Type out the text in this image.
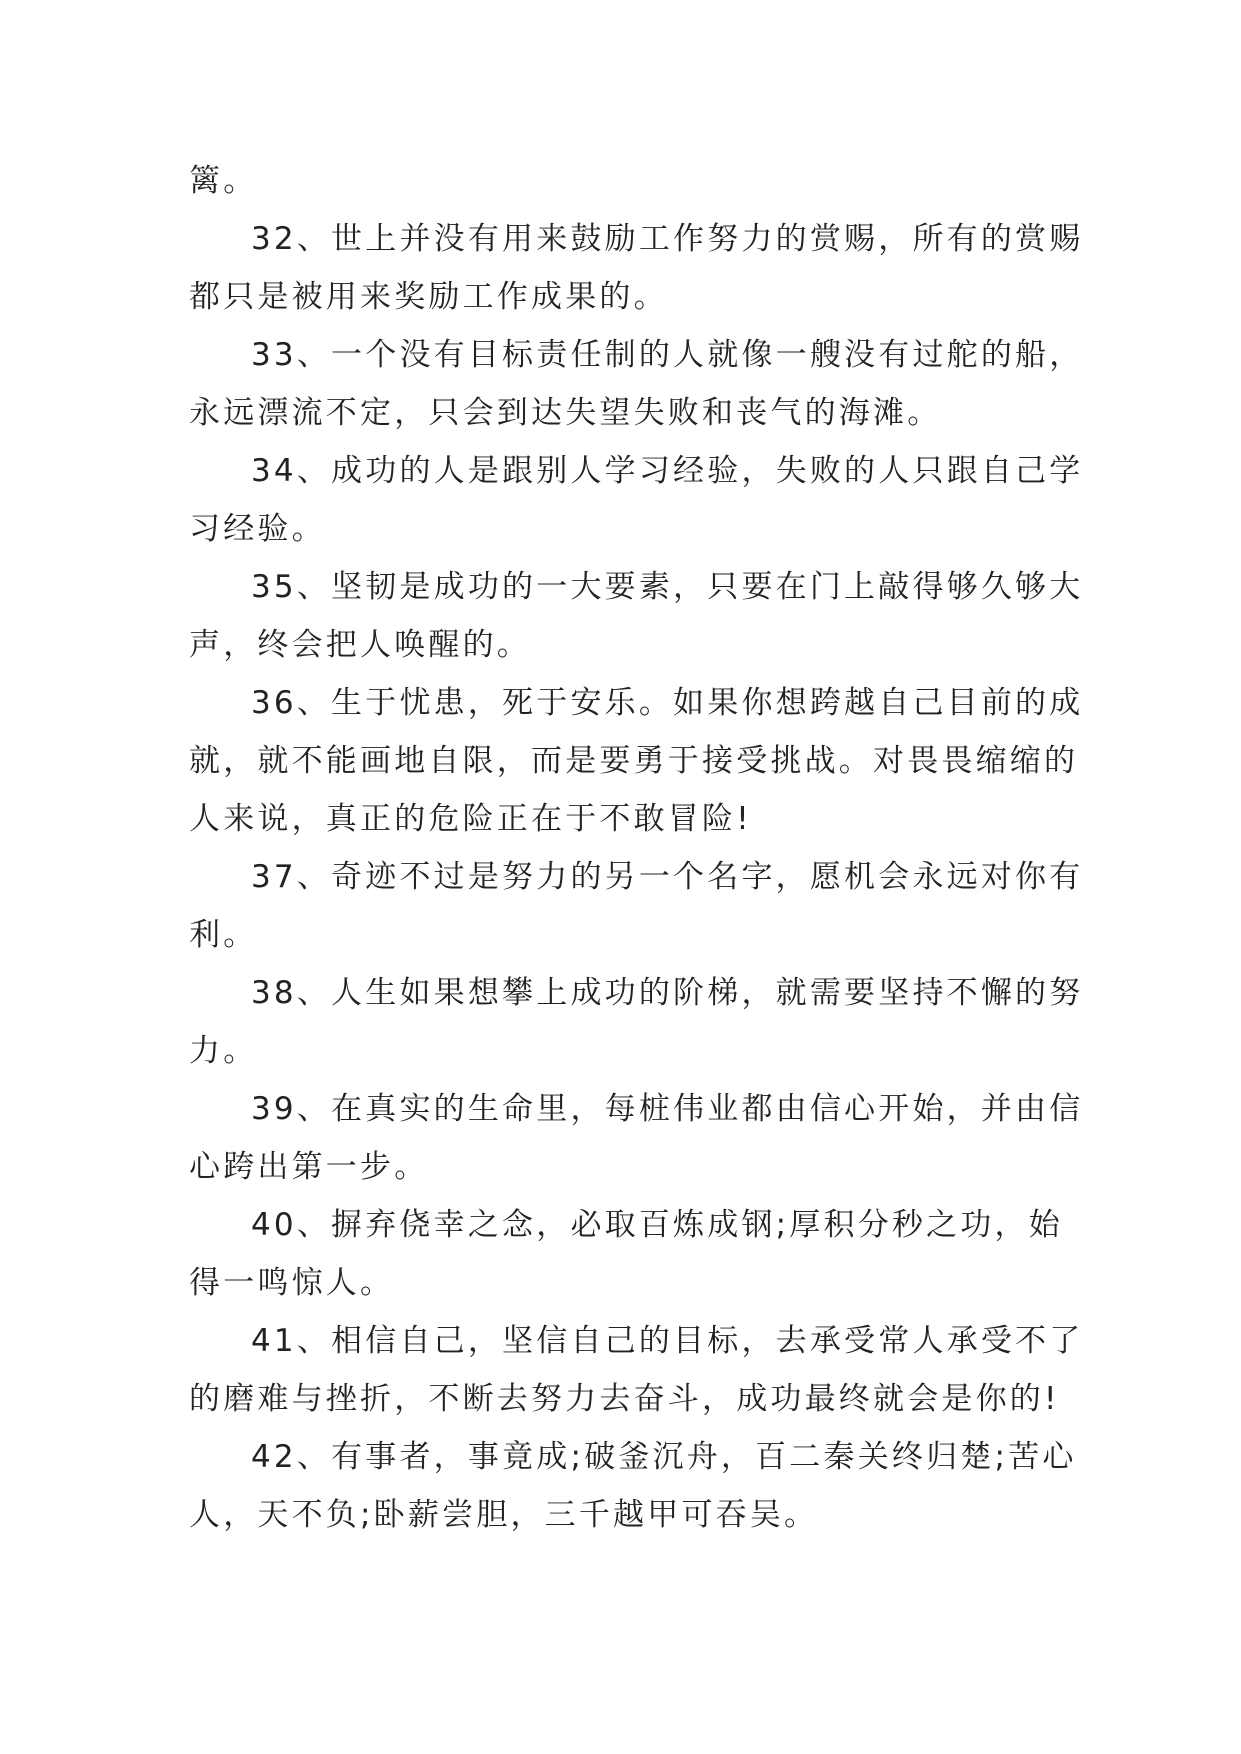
篱。

32、世上并没有用来鼓励工作努力的赏赐，所有的赏赐
都只是被用来奖励工作成果的。

33、一个没有目标责任制的人就像一艘没有过舵的船，
永远漂流不定，只会到达失望失败和丧气的海滩。

34、成功的人是跟别人学习经验，失败的人只跟自己学
习经验。

35、坚韧是成功的一大要素，只要在门上敲得够久够大
声，终会把人唤醒的。

36、生于忧患，死于安乐。如果你想跨越自己目前的成
就，就不能画地自限，而是要勇于接受挑战。对畏畏缩缩的
人来说，真正的危险正在于不敢冒险!

37、奇迹不过是努力的另一个名字，愿机会永远对你有
利。

38、人生如果想攀上成功的阶梯，就需要坚持不懈的努
力。

39、在真实的生命里，每桩伟业都由信心开始，并由信
心跨出第一步。

40、摒弃侥幸之念，必取百炼成钢;厚积分秒之功，始
得一鸣惊人。

41、相信自己，坚信自己的目标，去承受常人承受不了
的磨难与挫折，不断去努力去奋斗，成功最终就会是你的!

42、有事者，事竟成;破釜沉舟，百二秦关终归楚;苦心
人，天不负;卧薪尝胆，三千越甲可吞吴。
